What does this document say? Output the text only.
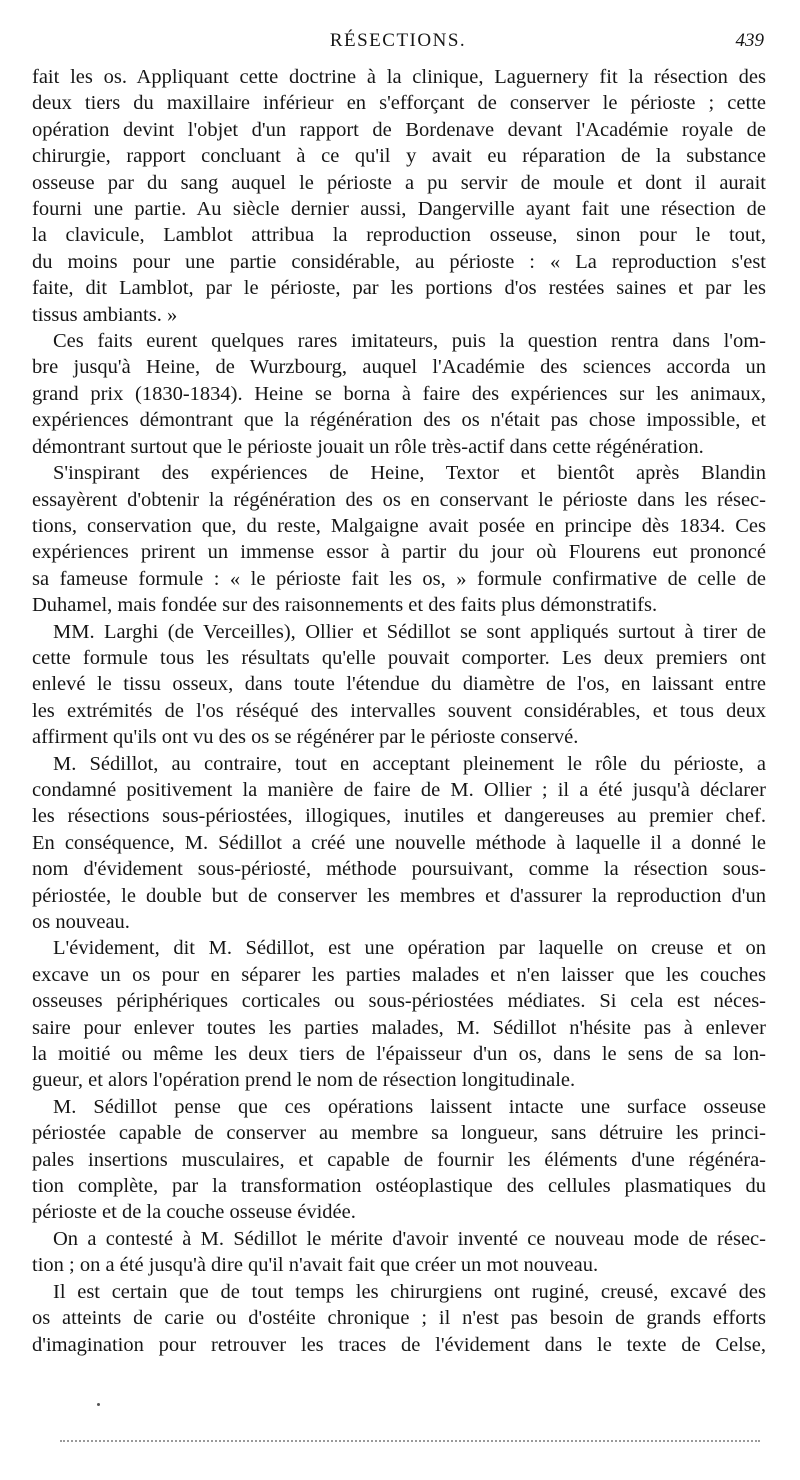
RÉSECTIONS.	439
fait les os. Appliquant cette doctrine à la clinique, Laguernery fit la résection des
deux tiers du maxillaire inférieur en s'efforçant de conserver le périoste ; cette
opération devint l'objet d'un rapport de Bordenave devant l'Académie royale de
chirurgie, rapport concluant à ce qu'il y avait eu réparation de la substance
osseuse par du sang auquel le périoste a pu servir de moule et dont il aurait
fourni une partie. Au siècle dernier aussi, Dangerville ayant fait une résection de
la clavicule, Lamblot attribua la reproduction osseuse, sinon pour le tout,
du moins pour une partie considérable, au périoste : « La reproduction s'est
faite, dit Lamblot, par le périoste, par les portions d'os restées saines et par les
tissus ambiants. »
Ces faits eurent quelques rares imitateurs, puis la question rentra dans l'om-
bre jusqu'à Heine, de Wurzbourg, auquel l'Académie des sciences accorda un
grand prix (1830-1834). Heine se borna à faire des expériences sur les animaux,
expériences démontrant que la régénération des os n'était pas chose impossible, et
démontrant surtout que le périoste jouait un rôle très-actif dans cette régénération.
S'inspirant des expériences de Heine, Textor et bientôt après Blandin
essayèrent d'obtenir la régénération des os en conservant le périoste dans les résec-
tions, conservation que, du reste, Malgaigne avait posée en principe dès 1834. Ces
expériences prirent un immense essor à partir du jour où Flourens eut prononcé
sa fameuse formule : « le périoste fait les os, » formule confirmative de celle de
Duhamel, mais fondée sur des raisonnements et des faits plus démonstratifs.
MM. Larghi (de Verceilles), Ollier et Sédillot se sont appliqués surtout à tirer de
cette formule tous les résultats qu'elle pouvait comporter. Les deux premiers ont
enlevé le tissu osseux, dans toute l'étendue du diamètre de l'os, en laissant entre
les extrémités de l'os réséqué des intervalles souvent considérables, et tous deux
affirment qu'ils ont vu des os se régénérer par le périoste conservé.
M. Sédillot, au contraire, tout en acceptant pleinement le rôle du périoste, a
condamné positivement la manière de faire de M. Ollier ; il a été jusqu'à déclarer
les résections sous-périostées, illogiques, inutiles et dangereuses au premier chef.
En conséquence, M. Sédillot a créé une nouvelle méthode à laquelle il a donné le
nom d'évidement sous-périosté, méthode poursuivant, comme la résection sous-
périostée, le double but de conserver les membres et d'assurer la reproduction d'un
os nouveau.
L'évidement, dit M. Sédillot, est une opération par laquelle on creuse et on
excave un os pour en séparer les parties malades et n'en laisser que les couches
osseuses périphériques corticales ou sous-périostées médiates. Si cela est néces-
saire pour enlever toutes les parties malades, M. Sédillot n'hésite pas à enlever
la moitié ou même les deux tiers de l'épaisseur d'un os, dans le sens de sa lon-
gueur, et alors l'opération prend le nom de résection longitudinale.
M. Sédillot pense que ces opérations laissent intacte une surface osseuse
périostée capable de conserver au membre sa longueur, sans détruire les princi-
pales insertions musculaires, et capable de fournir les éléments d'une régénéra-
tion complète, par la transformation ostéoplastique des cellules plasmatiques du
périoste et de la couche osseuse évidée.
On a contesté à M. Sédillot le mérite d'avoir inventé ce nouveau mode de résec-
tion ; on a été jusqu'à dire qu'il n'avait fait que créer un mot nouveau.
Il est certain que de tout temps les chirurgiens ont ruginé, creusé, excavé des
os atteints de carie ou d'ostéite chronique ; il n'est pas besoin de grands efforts
d'imagination pour retrouver les traces de l'évidement dans le texte de Celse,
